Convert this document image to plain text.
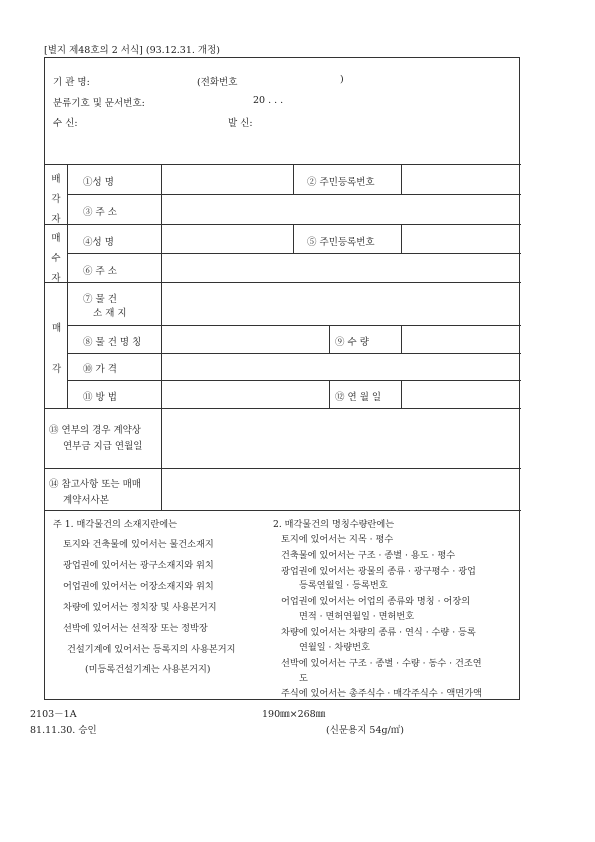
[별지 제48호의 2 서식] (93.12.31. 개정)
기 관 명:	(전화번호	)
분류기호 및 문서번호:	20 . . .
수 신:	발 신:
배
각
자
①성 명	② 주민등록번호
③ 주 소
매
수
자
④성 명	⑤ 주민등록번호
⑥ 주 소
매
각
⑦ 물 건
소 재 지
⑧ 물 건 명 칭	⑨ 수 량
⑩ 가 격
⑪ 방 법	⑫ 연 월 일
⑬ 연부의 경우 계약상
연부금 지급 연월일
⑭ 참고사항 또는 매매
계약서사본
주 1. 매각물건의 소재지란에는
토지와 건축물에 있어서는 물건소재지
광업권에 있어서는 광구소재지와 위치
어업권에 있어서는 어장소재지와 위치
차량에 있어서는 정치장 및 사용본거지
선박에 있어서는 선적장 또는 정박장
건설기계에 있어서는 등록지의 사용본거지
(미등록건설기계는 사용본거지)
2. 매각물건의 명칭수량란에는
토지에 있어서는 지목 · 평수
건축물에 있어서는 구조 · 종별 · 용도 · 평수
광업권에 있어서는 광물의 종류 · 광구평수 · 광업
등록연월일 · 등록번호
어업권에 있어서는 어업의 종류와 명칭 · 어장의
면적 · 면허연월일 · 면허번호
차량에 있어서는 차량의 종류 · 연식 · 수량 · 등록
연월일 · 차량번호
선박에 있어서는 구조 · 종별 · 수량 · 동수 · 건조연
도
주식에 있어서는 총주식수 · 매각주식수 · 액면가액
2103－1A
81.11.30. 승인
190㎜×268㎜
(신문용지 54g/㎡)
